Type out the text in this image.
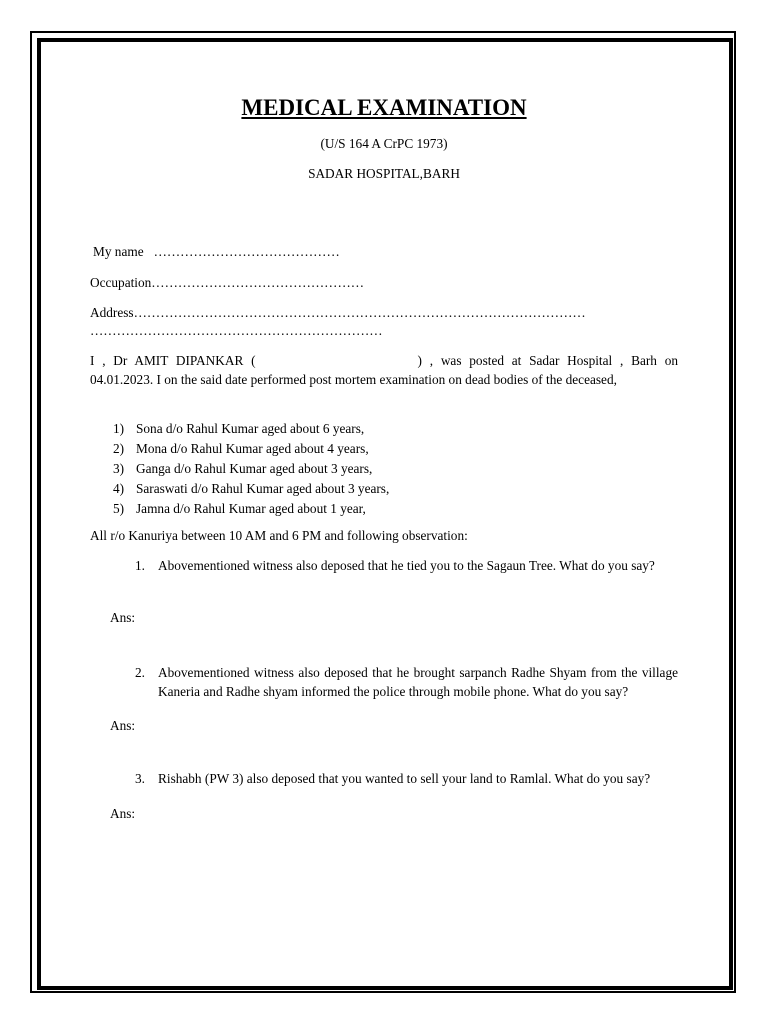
MEDICAL EXAMINATION
(U/S 164 A CrPC 1973)
SADAR HOSPITAL,BARH
My name ……………………………………
Occupation…………………………………………
Address…………………………………………………………………………………………
…………………………………………………………
I , Dr AMIT DIPANKAR (	) , was posted at Sadar Hospital , Barh on 04.01.2023. I on the said date performed post mortem examination on dead bodies of the deceased,
1) Sona d/o Rahul Kumar aged about 6 years,
2) Mona d/o Rahul Kumar aged about 4 years,
3) Ganga d/o Rahul Kumar aged about 3 years,
4) Saraswati d/o Rahul Kumar aged about 3 years,
5) Jamna d/o Rahul Kumar aged about 1 year,
All r/o Kanuriya between 10 AM and 6 PM and following observation:
1. Abovementioned witness also deposed that he tied you to the Sagaun Tree. What do you say?
Ans:
2. Abovementioned witness also deposed that he brought sarpanch Radhe Shyam from the village Kaneria and Radhe shyam informed the police through mobile phone. What do you say?
Ans:
3. Rishabh (PW 3) also deposed that you wanted to sell your land to Ramlal. What do you say?
Ans:
